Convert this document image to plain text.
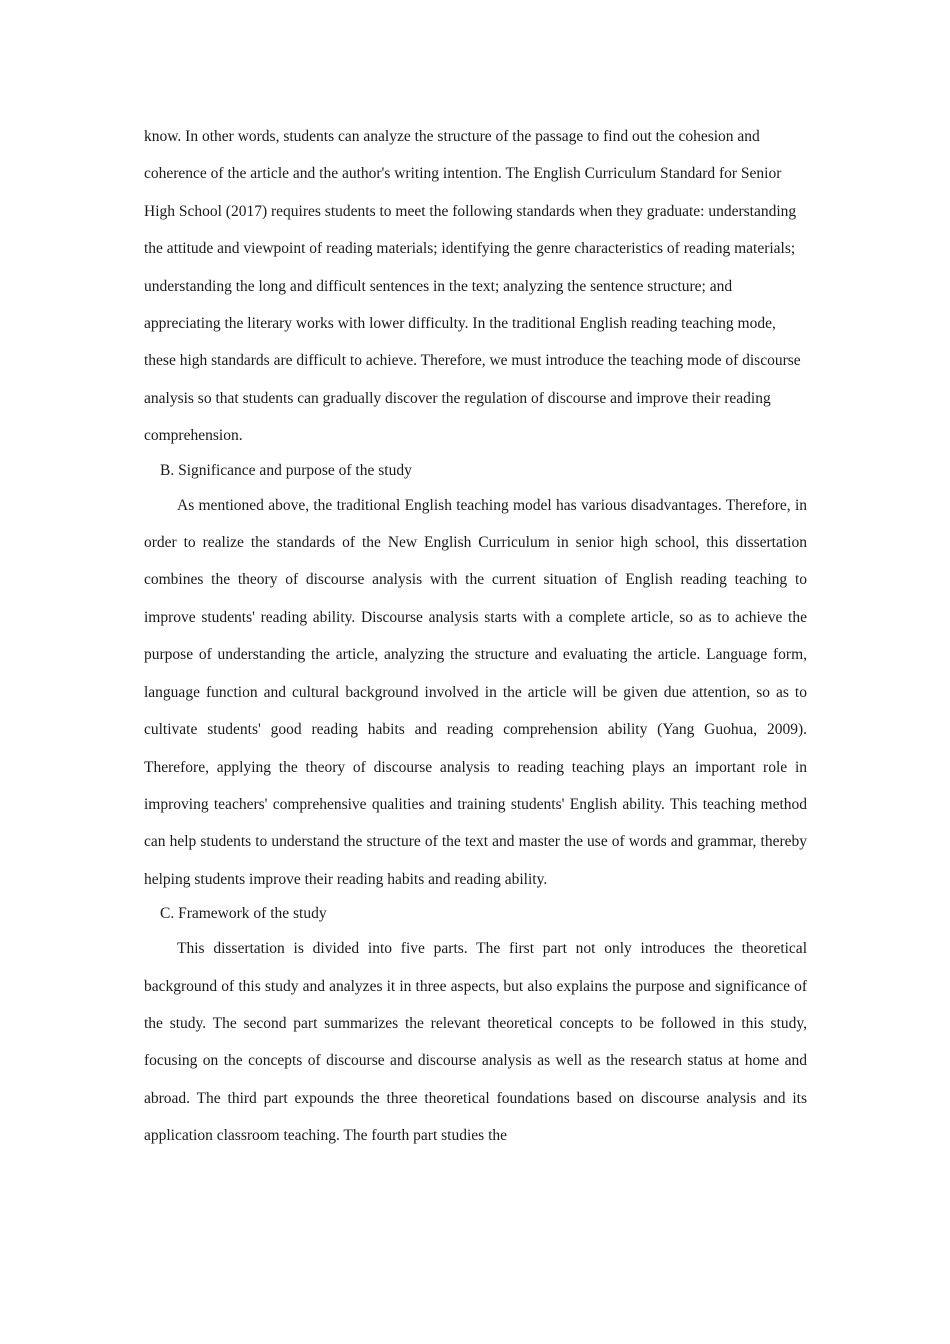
know. In other words, students can analyze the structure of the passage to find out the cohesion and coherence of the article and the author's writing intention. The English Curriculum Standard for Senior High School (2017) requires students to meet the following standards when they graduate: understanding the attitude and viewpoint of reading materials; identifying the genre characteristics of reading materials; understanding the long and difficult sentences in the text; analyzing the sentence structure; and appreciating the literary works with lower difficulty. In the traditional English reading teaching mode, these high standards are difficult to achieve. Therefore, we must introduce the teaching mode of discourse analysis so that students can gradually discover the regulation of discourse and improve their reading comprehension.

B. Significance and purpose of the study

As mentioned above, the traditional English teaching model has various disadvantages. Therefore, in order to realize the standards of the New English Curriculum in senior high school, this dissertation combines the theory of discourse analysis with the current situation of English reading teaching to improve students' reading ability. Discourse analysis starts with a complete article, so as to achieve the purpose of understanding the article, analyzing the structure and evaluating the article. Language form, language function and cultural background involved in the article will be given due attention, so as to cultivate students' good reading habits and reading comprehension ability (Yang Guohua, 2009). Therefore, applying the theory of discourse analysis to reading teaching plays an important role in improving teachers' comprehensive qualities and training students' English ability. This teaching method can help students to understand the structure of the text and master the use of words and grammar, thereby helping students improve their reading habits and reading ability.

C. Framework of the study

This dissertation is divided into five parts. The first part not only introduces the theoretical background of this study and analyzes it in three aspects, but also explains the purpose and significance of the study. The second part summarizes the relevant theoretical concepts to be followed in this study, focusing on the concepts of discourse and discourse analysis as well as the research status at home and abroad. The third part expounds the three theoretical foundations based on discourse analysis and its application classroom teaching. The fourth part studies the
